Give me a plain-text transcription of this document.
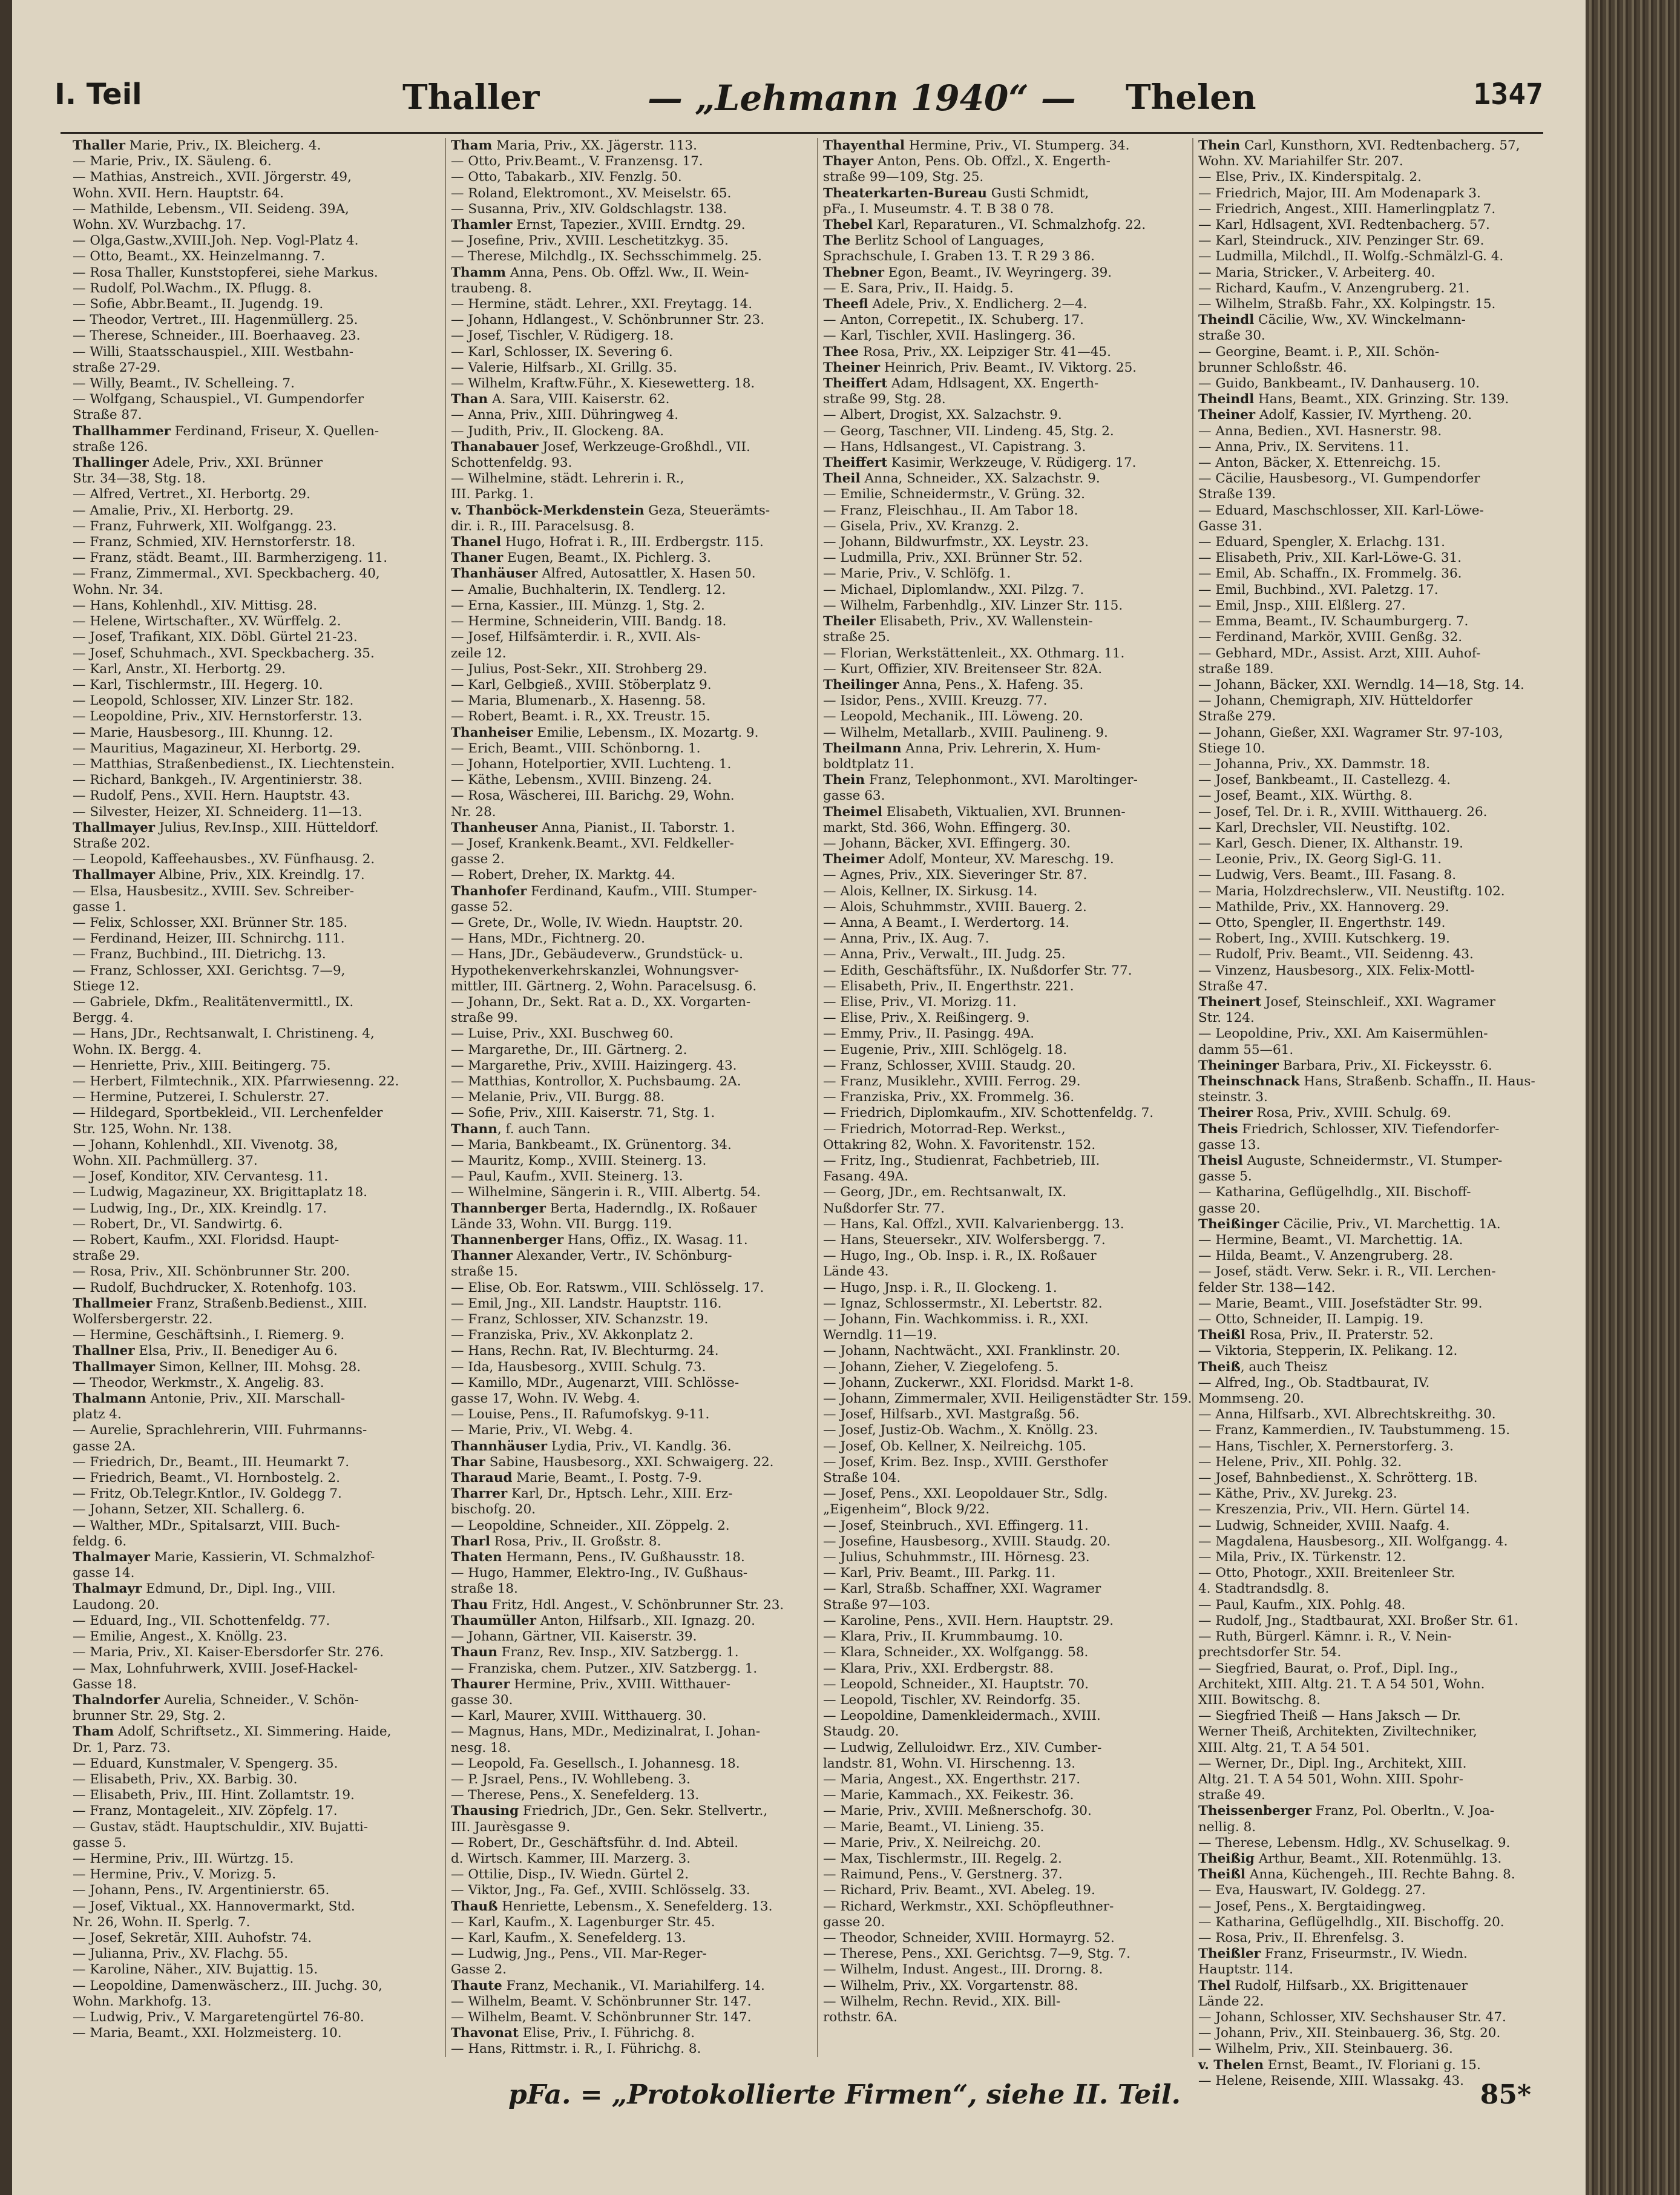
I. Teil	Thaller	— „Lehmann 1940“ — Thelen	1347
Thaller Marie, Priv., IX. Bleicherg. 4.
— Marie, Priv., IX. Säuleng. 6.
— Mathias, Anstreich., XVII. Jörgerstr. 49,
Wohn. XVII. Hern. Hauptstr. 64.
— Mathilde, Lebensm., VII. Seideng. 39A,
Wohn. XV. Wurzbachg. 17.
— Olga,Gastw.,XVIII.Joh. Nep. Vogl-Platz 4.
— Otto, Beamt., XX. Heinzelmanng. 7.
— Rosa Thaller, Kunststopferei, siehe Markus.
— Rudolf, Pol.Wachm., IX. Pflugg. 8.
— Sofie, Abbr.Beamt., II. Jugendg. 19.
— Theodor, Vertret., III. Hagenmüllerg. 25.
— Therese, Schneider., III. Boerhaaveg. 23.
— Willi, Staatsschauspiel., XIII. Westbahn-
straße 27-29.
— Willy, Beamt., IV. Schelleing. 7.
— Wolfgang, Schauspiel., VI. Gumpendorfer
Straße 87.
Thallhammer Ferdinand, Friseur, X. Quellen-
straße 126.
Thallinger Adele, Priv., XXI. Brünner
Str. 34—38, Stg. 18.
— Alfred, Vertret., XI. Herbortg. 29.
— Amalie, Priv., XI. Herbortg. 29.
— Franz, Fuhrwerk, XII. Wolfgangg. 23.
— Franz, Schmied, XIV. Hernstorferstr. 18.
— Franz, städt. Beamt., III. Barmherzigeng. 11.
— Franz, Zimmermal., XVI. Speckbacherg. 40,
Wohn. Nr. 34.
— Hans, Kohlenhdl., XIV. Mittisg. 28.
— Helene, Wirtschafter., XV. Würffelg. 2.
— Josef, Trafikant, XIX. Döbl. Gürtel 21-23.
— Josef, Schuhmach., XVI. Speckbacherg. 35.
— Karl, Anstr., XI. Herbortg. 29.
— Karl, Tischlermstr., III. Hegerg. 10.
— Leopold, Schlosser, XIV. Linzer Str. 182.
— Leopoldine, Priv., XIV. Hernstorferstr. 13.
— Marie, Hausbesorg., III. Khunng. 12.
— Mauritius, Magazineur, XI. Herbortg. 29.
— Matthias, Straßenbedienst., IX. Liechtenstein.
— Richard, Bankgeh., IV. Argentinierstr. 38.
— Rudolf, Pens., XVII. Hern. Hauptstr. 43.
— Silvester, Heizer, XI. Schneiderg. 11—13.
Thallmayer Julius, Rev.Insp., XIII. Hütteldorf.
Straße 202.
— Leopold, Kaffeehausbes., XV. Fünfhausg. 2.
Thallmayer Albine, Priv., XIX. Kreindlg. 17.
— Elsa, Hausbesitz., XVIII. Sev. Schreiber-
gasse 1.
— Felix, Schlosser, XXI. Brünner Str. 185.
— Ferdinand, Heizer, III. Schnirchg. 111.
— Franz, Buchbind., III. Dietrichg. 13.
— Franz, Schlosser, XXI. Gerichtsg. 7—9,
Stiege 12.
— Gabriele, Dkfm., Realitätenvermittl., IX.
Bergg. 4.
— Hans, JDr., Rechtsanwalt, I. Christineng. 4,
Wohn. IX. Bergg. 4.
— Henriette, Priv., XIII. Beitingerg. 75.
— Herbert, Filmtechnik., XIX. Pfarrwiesenng. 22.
— Hermine, Putzerei, I. Schulerstr. 27.
— Hildegard, Sportbekleid., VII. Lerchenfelder
Str. 125, Wohn. Nr. 138.
— Johann, Kohlenhdl., XII. Vivenotg. 38,
Wohn. XII. Pachmüllerg. 37.
— Josef, Konditor, XIV. Cervantesg. 11.
— Ludwig, Magazineur, XX. Brigittaplatz 18.
— Ludwig, Ing., Dr., XIX. Kreindlg. 17.
— Robert, Dr., VI. Sandwirtg. 6.
— Robert, Kaufm., XXI. Floridsd. Haupt-
straße 29.
— Rosa, Priv., XII. Schönbrunner Str. 200.
— Rudolf, Buchdrucker, X. Rotenhofg. 103.
Thallmeier Franz, Straßenb.Bedienst., XIII.
Wolfersbergerstr. 22.
— Hermine, Geschäftsinh., I. Riemerg. 9.
Thallner Elsa, Priv., II. Benediger Au 6.
Thallmayer Simon, Kellner, III. Mohsg. 28.
— Theodor, Werkmstr., X. Angelig. 83.
Thalmann Antonie, Priv., XII. Marschall-
platz 4.
— Aurelie, Sprachlehrerin, VIII. Fuhrmanns-
gasse 2A.
— Friedrich, Dr., Beamt., III. Heumarkt 7.
— Friedrich, Beamt., VI. Hornbostelg. 2.
— Fritz, Ob.Telegr.Kntlor., IV. Goldegg 7.
— Johann, Setzer, XII. Schallerg. 6.
— Walther, MDr., Spitalsarzt, VIII. Buch-
feldg. 6.
Thalmayer Marie, Kassierin, VI. Schmalzhof-
gasse 14.
Thalmayr Edmund, Dr., Dipl. Ing., VIII.
Laudong. 20.
— Eduard, Ing., VII. Schottenfeldg. 77.
— Emilie, Angest., X. Knöllg. 23.
— Maria, Priv., XI. Kaiser-Ebersdorfer Str. 276.
— Max, Lohnfuhrwerk, XVIII. Josef-Hackel-
Gasse 18.
Thalndorfer Aurelia, Schneider., V. Schön-
brunner Str. 29, Stg. 2.
Tham Adolf, Schriftsetz., XI. Simmering. Haide,
Dr. 1, Parz. 73.
— Eduard, Kunstmaler, V. Spengerg. 35.
— Elisabeth, Priv., XX. Barbig. 30.
— Elisabeth, Priv., III. Hint. Zollamtstr. 19.
— Franz, Montageleit., XIV. Zöpfelg. 17.
— Gustav, städt. Hauptschuldir., XIV. Bujatti-
gasse 5.
— Hermine, Priv., III. Würtzg. 15.
— Hermine, Priv., V. Morizg. 5.
— Johann, Pens., IV. Argentinierstr. 65.
— Josef, Viktual., XX. Hannovermarkt, Std.
Nr. 26, Wohn. II. Sperlg. 7.
— Josef, Sekretär, XIII. Auhofstr. 74.
— Julianna, Priv., XV. Flachg. 55.
— Karoline, Näher., XIV. Bujattig. 15.
— Leopoldine, Damenwäscherz., III. Juchg. 30,
Wohn. Markhofg. 13.
— Ludwig, Priv., V. Margaretengürtel 76-80.
— Maria, Beamt., XXI. Holzmeisterg. 10.
Tham Maria, Priv., XX. Jägerstr. 113.
— Otto, Priv.Beamt., V. Franzensg. 17.
— Otto, Tabakarb., XIV. Fenzlg. 50.
— Roland, Elektromont., XV. Meiselstr. 65.
— Susanna, Priv., XIV. Goldschlagstr. 138.
Thamler Ernst, Tapezier., XVIII. Erndtg. 29.
— Josefine, Priv., XVIII. Leschetitzkyg. 35.
— Therese, Milchdlg., IX. Sechsschimmelg. 25.
Thamm Anna, Pens. Ob. Offzl. Ww., II. Wein-
traubeng. 8.
— Hermine, städt. Lehrer., XXI. Freytagg. 14.
— Johann, Hdlangest., V. Schönbrunner Str. 23.
— Josef, Tischler, V. Rüdigerg. 18.
— Karl, Schlosser, IX. Severing 6.
— Valerie, Hilfsarb., XI. Grillg. 35.
— Wilhelm, Kraftw.Führ., X. Kiesewetterg. 18.
Than A. Sara, VIII. Kaiserstr. 62.
— Anna, Priv., XIII. Dühringweg 4.
— Judith, Priv., II. Glockeng. 8A.
Thanabauer Josef, Werkzeuge-Großhdl., VII.
Schottenfeldg. 93.
— Wilhelmine, städt. Lehrerin i. R.,
III. Parkg. 1.
v. Thanböck-Merkdenstein Geza, Steuerämts-
dir. i. R., III. Paracelsusg. 8.
Thanel Hugo, Hofrat i. R., III. Erdbergstr. 115.
Thaner Eugen, Beamt., IX. Pichlerg. 3.
Thanhäuser Alfred, Autosattler, X. Hasen 50.
— Amalie, Buchhalterin, IX. Tendlerg. 12.
— Erna, Kassier., III. Münzg. 1, Stg. 2.
— Hermine, Schneiderin, VIII. Bandg. 18.
— Josef, Hilfsämterdir. i. R., XVII. Als-
zeile 12.
— Julius, Post-Sekr., XII. Strohberg 29.
— Karl, Gelbgieß., XVIII. Stöberplatz 9.
— Maria, Blumenarb., X. Hasenng. 58.
— Robert, Beamt. i. R., XX. Treustr. 15.
Thanheiser Emilie, Lebensm., IX. Mozartg. 9.
— Erich, Beamt., VIII. Schönborng. 1.
— Johann, Hotelportier, XVII. Luchteng. 1.
— Käthe, Lebensm., XVIII. Binzeng. 24.
— Rosa, Wäscherei, III. Barichg. 29, Wohn.
Nr. 28.
Thanheuser Anna, Pianist., II. Taborstr. 1.
— Josef, Krankenk.Beamt., XVI. Feldkeller-
gasse 2.
— Robert, Dreher, IX. Marktg. 44.
Thanhofer Ferdinand, Kaufm., VIII. Stumper-
gasse 52.
— Grete, Dr., Wolle, IV. Wiedn. Hauptstr. 20.
— Hans, MDr., Fichtnerg. 20.
— Hans, JDr., Gebäudeverw., Grundstück- u.
Hypothekenverkehrskanzlei, Wohnungsver-
mittler, III. Gärtnerg. 2, Wohn. Paracelsusg. 6.
— Johann, Dr., Sekt. Rat a. D., XX. Vorgarten-
straße 99.
— Luise, Priv., XXI. Buschweg 60.
— Margarethe, Dr., III. Gärtnerg. 2.
— Margarethe, Priv., XVIII. Haizingerg. 43.
— Matthias, Kontrollor, X. Puchsbaumg. 2A.
— Melanie, Priv., VII. Burgg. 88.
— Sofie, Priv., XIII. Kaiserstr. 71, Stg. 1.
Thann, f. auch Tann.
— Maria, Bankbeamt., IX. Grünentorg. 34.
— Mauritz, Komp., XVIII. Steinerg. 13.
— Paul, Kaufm., XVII. Steinerg. 13.
— Wilhelmine, Sängerin i. R., VIII. Albertg. 54.
Thannberger Berta, Haderndlg., IX. Roßauer
Lände 33, Wohn. VII. Burgg. 119.
Thannenberger Hans, Offiz., IX. Wasag. 11.
Thanner Alexander, Vertr., IV. Schönburg-
straße 15.
— Elise, Ob. Eor. Ratswm., VIII. Schlösselg. 17.
— Emil, Jng., XII. Landstr. Hauptstr. 116.
— Franz, Schlosser, XIV. Schanzstr. 19.
— Franziska, Priv., XV. Akkonplatz 2.
— Hans, Rechn. Rat, IV. Blechturmg. 24.
— Ida, Hausbesorg., XVIII. Schulg. 73.
— Kamillo, MDr., Augenarzt, VIII. Schlösse-
gasse 17, Wohn. IV. Webg. 4.
— Louise, Pens., II. Rafumofskyg. 9-11.
— Marie, Priv., VI. Webg. 4.
Thannhäuser Lydia, Priv., VI. Kandlg. 36.
Thar Sabine, Hausbesorg., XXI. Schwaigerg. 22.
Tharaud Marie, Beamt., I. Postg. 7-9.
Tharrer Karl, Dr., Hptsch. Lehr., XIII. Erz-
bischofg. 20.
— Leopoldine, Schneider., XII. Zöppelg. 2.
Tharl Rosa, Priv., II. Großstr. 8.
Thaten Hermann, Pens., IV. Gußhausstr. 18.
— Hugo, Hammer, Elektro-Ing., IV. Gußhaus-
straße 18.
Thau Fritz, Hdl. Angest., V. Schönbrunner Str. 23.
Thaumüller Anton, Hilfsarb., XII. Ignazg. 20.
— Johann, Gärtner, VII. Kaiserstr. 39.
Thaun Franz, Rev. Insp., XIV. Satzbergg. 1.
— Franziska, chem. Putzer., XIV. Satzbergg. 1.
Thaurer Hermine, Priv., XVIII. Witthauer-
gasse 30.
— Karl, Maurer, XVIII. Witthauerg. 30.
— Magnus, Hans, MDr., Medizinalrat, I. Johan-
nesg. 18.
— Leopold, Fa. Gesellsch., I. Johannesg. 18.
— P. Jsrael, Pens., IV. Wohllebeng. 3.
— Therese, Pens., X. Senefelderg. 13.
Thausing Friedrich, JDr., Gen. Sekr. Stellvertr.,
III. Jaurèsgasse 9.
— Robert, Dr., Geschäftsführ. d. Ind. Abteil.
d. Wirtsch. Kammer, III. Marzerg. 3.
— Ottilie, Disp., IV. Wiedn. Gürtel 2.
— Viktor, Jng., Fa. Gef., XVIII. Schlösselg. 33.
Thauß Henriette, Lebensm., X. Senefelderg. 13.
— Karl, Kaufm., X. Lagenburger Str. 45.
— Karl, Kaufm., X. Senefelderg. 13.
— Ludwig, Jng., Pens., VII. Mar-Reger-
Gasse 2.
Thaute Franz, Mechanik., VI. Mariahilferg. 14.
— Wilhelm, Beamt. V. Schönbrunner Str. 147.
— Wilhelm, Beamt. V. Schönbrunner Str. 147.
Thavonat Elise, Priv., I. Führichg. 8.
— Hans, Rittmstr. i. R., I. Führichg. 8.
Thayenthal Hermine, Priv., VI. Stumperg. 34.
Thayer Anton, Pens. Ob. Offzl., X. Engerth-
straße 99—109, Stg. 25.
Theaterkarten-Bureau Gusti Schmidt,
pFa., I. Museumstr. 4. T. B 38 0 78.
Thebel Karl, Reparaturen., VI. Schmalzhofg. 22.
The Berlitz School of Languages,
Sprachschule, I. Graben 13. T. R 29 3 86.
Thebner Egon, Beamt., IV. Weyringerg. 39.
— E. Sara, Priv., II. Haidg. 5.
Theefl Adele, Priv., X. Endlicherg. 2—4.
— Anton, Correpetit., IX. Schuberg. 17.
— Karl, Tischler, XVII. Haslingerg. 36.
Thee Rosa, Priv., XX. Leipziger Str. 41—45.
Theiner Heinrich, Priv. Beamt., IV. Viktorg. 25.
Theiffert Adam, Hdlsagent, XX. Engerth-
straße 99, Stg. 28.
— Albert, Drogist, XX. Salzachstr. 9.
— Georg, Taschner, VII. Lindeng. 45, Stg. 2.
— Hans, Hdlsangest., VI. Capistrang. 3.
Theiffert Kasimir, Werkzeuge, V. Rüdigerg. 17.
Theil Anna, Schneider., XX. Salzachstr. 9.
— Emilie, Schneidermstr., V. Grüng. 32.
— Franz, Fleischhau., II. Am Tabor 18.
— Gisela, Priv., XV. Kranzg. 2.
— Johann, Bildwurfmstr., XX. Leystr. 23.
— Ludmilla, Priv., XXI. Brünner Str. 52.
— Marie, Priv., V. Schlöfg. 1.
— Michael, Diplomlandw., XXI. Pilzg. 7.
— Wilhelm, Farbenhdlg., XIV. Linzer Str. 115.
Theiler Elisabeth, Priv., XV. Wallenstein-
straße 25.
— Florian, Werkstättenleit., XX. Othmarg. 11.
— Kurt, Offizier, XIV. Breitenseer Str. 82A.
Theilinger Anna, Pens., X. Hafeng. 35.
— Isidor, Pens., XVIII. Kreuzg. 77.
— Leopold, Mechanik., III. Löweng. 20.
— Wilhelm, Metallarb., XVIII. Paulineng. 9.
Theilmann Anna, Priv. Lehrerin, X. Hum-
boldtplatz 11.
Thein Franz, Telephonmont., XVI. Maroltinger-
gasse 63.
Theimel Elisabeth, Viktualien, XVI. Brunnen-
markt, Std. 366, Wohn. Effingerg. 30.
— Johann, Bäcker, XVI. Effingerg. 30.
Theimer Adolf, Monteur, XV. Mareschg. 19.
— Agnes, Priv., XIX. Sieveringer Str. 87.
— Alois, Kellner, IX. Sirkusg. 14.
— Alois, Schuhmmstr., XVIII. Bauerg. 2.
— Anna, A Beamt., I. Werdertorg. 14.
— Anna, Priv., IX. Aug. 7.
— Anna, Priv., Verwalt., III. Judg. 25.
— Edith, Geschäftsführ., IX. Nußdorfer Str. 77.
— Elisabeth, Priv., II. Engerthstr. 221.
— Elise, Priv., VI. Morizg. 11.
— Elise, Priv., X. Reißingerg. 9.
— Emmy, Priv., II. Pasingg. 49A.
— Eugenie, Priv., XIII. Schlögelg. 18.
— Franz, Schlosser, XVIII. Staudg. 20.
— Franz, Musiklehr., XVIII. Ferrog. 29.
— Franziska, Priv., XX. Frommelg. 36.
— Friedrich, Diplomkaufm., XIV. Schottenfeldg. 7.
— Friedrich, Motorrad-Rep. Werkst.,
Ottakring 82, Wohn. X. Favoritenstr. 152.
— Fritz, Ing., Studienrat, Fachbetrieb, III.
Fasang. 49A.
— Georg, JDr., em. Rechtsanwalt, IX.
Nußdorfer Str. 77.
— Hans, Kal. Offzl., XVII. Kalvarienbergg. 13.
— Hans, Steuersekr., XIV. Wolfersbergg. 7.
— Hugo, Ing., Ob. Insp. i. R., IX. Roßauer
Lände 43.
— Hugo, Jnsp. i. R., II. Glockeng. 1.
— Ignaz, Schlossermstr., XI. Lebertstr. 82.
— Johann, Fin. Wachkommiss. i. R., XXI.
Werndlg. 11—19.
— Johann, Nachtwächt., XXI. Franklinstr. 20.
— Johann, Zieher, V. Ziegelofeng. 5.
— Johann, Zuckerwr., XXI. Floridsd. Markt 1-8.
— Johann, Zimmermaler, XVII. Heiligenstädter Str. 159.
— Josef, Hilfsarb., XVI. Mastgraßg. 56.
— Josef, Justiz-Ob. Wachm., X. Knöllg. 23.
— Josef, Ob. Kellner, X. Neilreichg. 105.
— Josef, Krim. Bez. Insp., XVIII. Gersthofer
Straße 104.
— Josef, Pens., XXI. Leopoldauer Str., Sdlg.
„Eigenheim“, Block 9/22.
— Josef, Steinbruch., XVI. Effingerg. 11.
— Josefine, Hausbesorg., XVIII. Staudg. 20.
— Julius, Schuhmmstr., III. Hörnesg. 23.
— Karl, Priv. Beamt., III. Parkg. 11.
— Karl, Straßb. Schaffner, XXI. Wagramer
Straße 97—103.
— Karoline, Pens., XVII. Hern. Hauptstr. 29.
— Klara, Priv., II. Krummbaumg. 10.
— Klara, Schneider., XX. Wolfgangg. 58.
— Klara, Priv., XXI. Erdbergstr. 88.
— Leopold, Schneider., XI. Hauptstr. 70.
— Leopold, Tischler, XV. Reindorfg. 35.
— Leopoldine, Damenkleidermach., XVIII.
Staudg. 20.
— Ludwig, Zelluloidwr. Erz., XIV. Cumber-
landstr. 81, Wohn. VI. Hirschenng. 13.
— Maria, Angest., XX. Engerthstr. 217.
— Marie, Kammach., XX. Feikestr. 36.
— Marie, Priv., XVIII. Meßnerschofg. 30.
— Marie, Beamt., VI. Linieng. 35.
— Marie, Priv., X. Neilreichg. 20.
— Max, Tischlermstr., III. Regelg. 2.
— Raimund, Pens., V. Gerstnerg. 37.
— Richard, Priv. Beamt., XVI. Abeleg. 19.
— Richard, Werkmstr., XXI. Schöpfleuthner-
gasse 20.
— Theodor, Schneider, XVIII. Hormayrg. 52.
— Therese, Pens., XXI. Gerichtsg. 7—9, Stg. 7.
— Wilhelm, Indust. Angest., III. Drorng. 8.
— Wilhelm, Priv., XX. Vorgartenstr. 88.
— Wilhelm, Rechn. Revid., XIX. Bill-
rothstr. 6A.
Thein Carl, Kunsthorn, XVI. Redtenbacherg. 57,
Wohn. XV. Mariahilfer Str. 207.
— Else, Priv., IX. Kinderspitalg. 2.
— Friedrich, Major, III. Am Modenapark 3.
— Friedrich, Angest., XIII. Hamerlingplatz 7.
— Karl, Hdlsagent, XVI. Redtenbacherg. 57.
— Karl, Steindruck., XIV. Penzinger Str. 69.
— Ludmilla, Milchdl., II. Wolfg.-Schmälzl-G. 4.
— Maria, Stricker., V. Arbeiterg. 40.
— Richard, Kaufm., V. Anzengruberg. 21.
— Wilhelm, Straßb. Fahr., XX. Kolpingstr. 15.
Theindl Cäcilie, Ww., XV. Winckelmann-
straße 30.
— Georgine, Beamt. i. P., XII. Schön-
brunner Schloßstr. 46.
— Guido, Bankbeamt., IV. Danhauserg. 10.
Theindl Hans, Beamt., XIX. Grinzing. Str. 139.
Theiner Adolf, Kassier, IV. Myrtheng. 20.
— Anna, Bedien., XVI. Hasnerstr. 98.
— Anna, Priv., IX. Servitens. 11.
— Anton, Bäcker, X. Ettenreichg. 15.
— Cäcilie, Hausbesorg., VI. Gumpendorfer
Straße 139.
— Eduard, Maschschlosser, XII. Karl-Löwe-
Gasse 31.
— Eduard, Spengler, X. Erlachg. 131.
— Elisabeth, Priv., XII. Karl-Löwe-G. 31.
— Emil, Ab. Schaffn., IX. Frommelg. 36.
— Emil, Buchbind., XVI. Paletzg. 17.
— Emil, Jnsp., XIII. Elßlerg. 27.
— Emma, Beamt., IV. Schaumburgerg. 7.
— Ferdinand, Markör, XVIII. Genßg. 32.
— Gebhard, MDr., Assist. Arzt, XIII. Auhof-
straße 189.
— Johann, Bäcker, XXI. Werndlg. 14—18, Stg. 14.
— Johann, Chemigraph, XIV. Hütteldorfer
Straße 279.
— Johann, Gießer, XXI. Wagramer Str. 97-103,
Stiege 10.
— Johanna, Priv., XX. Dammstr. 18.
— Josef, Bankbeamt., II. Castellezg. 4.
— Josef, Beamt., XIX. Würthg. 8.
— Josef, Tel. Dr. i. R., XVIII. Witthauerg. 26.
— Karl, Drechsler, VII. Neustiftg. 102.
— Karl, Gesch. Diener, IX. Althanstr. 19.
— Leonie, Priv., IX. Georg Sigl-G. 11.
— Ludwig, Vers. Beamt., III. Fasang. 8.
— Maria, Holzdrechslerw., VII. Neustiftg. 102.
— Mathilde, Priv., XX. Hannoverg. 29.
— Otto, Spengler, II. Engerthstr. 149.
— Robert, Ing., XVIII. Kutschkerg. 19.
— Rudolf, Priv. Beamt., VII. Seidenng. 43.
— Vinzenz, Hausbesorg., XIX. Felix-Mottl-
Straße 47.
Theinert Josef, Steinschleif., XXI. Wagramer
Str. 124.
— Leopoldine, Priv., XXI. Am Kaisermühlen-
damm 55—61.
Theininger Barbara, Priv., XI. Fickeysstr. 6.
Theinschnack Hans, Straßenb. Schaffn., II. Haus-
steinstr. 3.
Theirer Rosa, Priv., XVIII. Schulg. 69.
Theis Friedrich, Schlosser, XIV. Tiefendorfer-
gasse 13.
Theisl Auguste, Schneidermstr., VI. Stumper-
gasse 5.
— Katharina, Geflügelhdlg., XII. Bischoff-
gasse 20.
Theißinger Cäcilie, Priv., VI. Marchettig. 1A.
— Hermine, Beamt., VI. Marchettig. 1A.
— Hilda, Beamt., V. Anzengruberg. 28.
— Josef, städt. Verw. Sekr. i. R., VII. Lerchen-
felder Str. 138—142.
— Marie, Beamt., VIII. Josefstädter Str. 99.
— Otto, Schneider, II. Lampig. 19.
Theißl Rosa, Priv., II. Praterstr. 52.
— Viktoria, Stepperin, IX. Pelikang. 12.
Theiß, auch Theisz
— Alfred, Ing., Ob. Stadtbaurat, IV.
Mommseng. 20.
— Anna, Hilfsarb., XVI. Albrechtskreithg. 30.
— Franz, Kammerdien., IV. Taubstummeng. 15.
— Hans, Tischler, X. Pernerstorferg. 3.
— Helene, Priv., XII. Pohlg. 32.
— Josef, Bahnbedienst., X. Schrötterg. 1B.
— Käthe, Priv., XV. Jurekg. 23.
— Kreszenzia, Priv., VII. Hern. Gürtel 14.
— Ludwig, Schneider, XVIII. Naafg. 4.
— Magdalena, Hausbesorg., XII. Wolfgangg. 4.
— Mila, Priv., IX. Türkenstr. 12.
— Otto, Photogr., XXII. Breitenleer Str.
4. Stadtrandsdlg. 8.
— Paul, Kaufm., XIX. Pohlg. 48.
— Rudolf, Jng., Stadtbaurat, XXI. Broßer Str. 61.
— Ruth, Bürgerl. Kämnr. i. R., V. Nein-
prechtsdorfer Str. 54.
— Siegfried, Baurat, o. Prof., Dipl. Ing.,
Architekt, XIII. Altg. 21. T. A 54 501, Wohn.
XIII. Bowitschg. 8.
— Siegfried Theiß — Hans Jaksch — Dr.
Werner Theiß, Architekten, Ziviltechniker,
XIII. Altg. 21, T. A 54 501.
— Werner, Dr., Dipl. Ing., Architekt, XIII.
Altg. 21. T. A 54 501, Wohn. XIII. Spohr-
straße 49.
Theissenberger Franz, Pol. Oberltn., V. Joa-
nellig. 8.
— Therese, Lebensm. Hdlg., XV. Schuselkag. 9.
Theißig Arthur, Beamt., XII. Rotenmühlg. 13.
Theißl Anna, Küchengeh., III. Rechte Bahng. 8.
— Eva, Hauswart, IV. Goldegg. 27.
— Josef, Pens., X. Bergtaidingweg.
— Katharina, Geflügelhdlg., XII. Bischoffg. 20.
— Rosa, Priv., II. Ehrenfelsg. 3.
Theißler Franz, Friseurmstr., IV. Wiedn.
Hauptstr. 114.
Thel Rudolf, Hilfsarb., XX. Brigittenauer
Lände 22.
— Johann, Schlosser, XIV. Sechshauser Str. 47.
— Johann, Priv., XII. Steinbauerg. 36, Stg. 20.
— Wilhelm, Priv., XII. Steinbauerg. 36.
v. Thelen Ernst, Beamt., IV. Floriani g. 15.
— Helene, Reisende, XIII. Wlassakg. 43.
pFa. = „Protokollierte Firmen“, siehe II. Teil.	85*
